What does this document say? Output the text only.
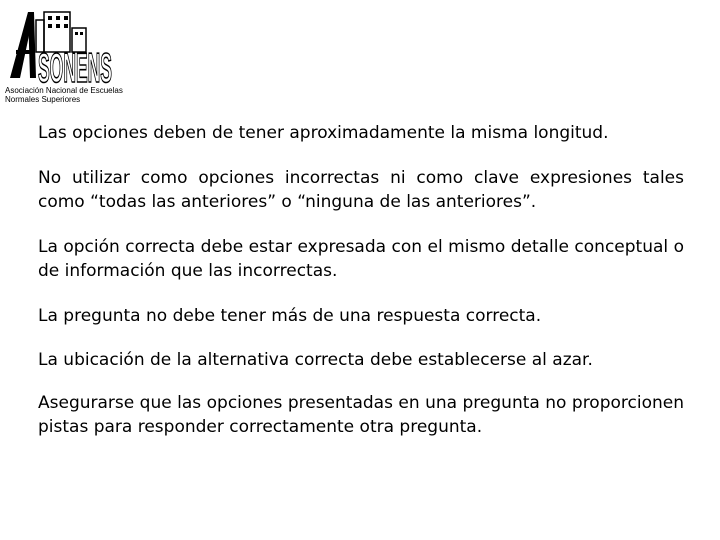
SONENS
Asociación Nacional de Escuelas
Normales Superiores

Las opciones deben de tener aproximadamente la misma longitud.

No utilizar como opciones incorrectas ni como clave expresiones tales como “todas las anteriores” o “ninguna de las anteriores”.

La opción correcta debe estar expresada con el mismo detalle conceptual o de información que las incorrectas.

La pregunta no debe tener más de una respuesta correcta.

La ubicación de la alternativa correcta debe establecerse al azar.

Asegurarse que las opciones presentadas en una pregunta no proporcionen pistas para responder correctamente otra pregunta.
